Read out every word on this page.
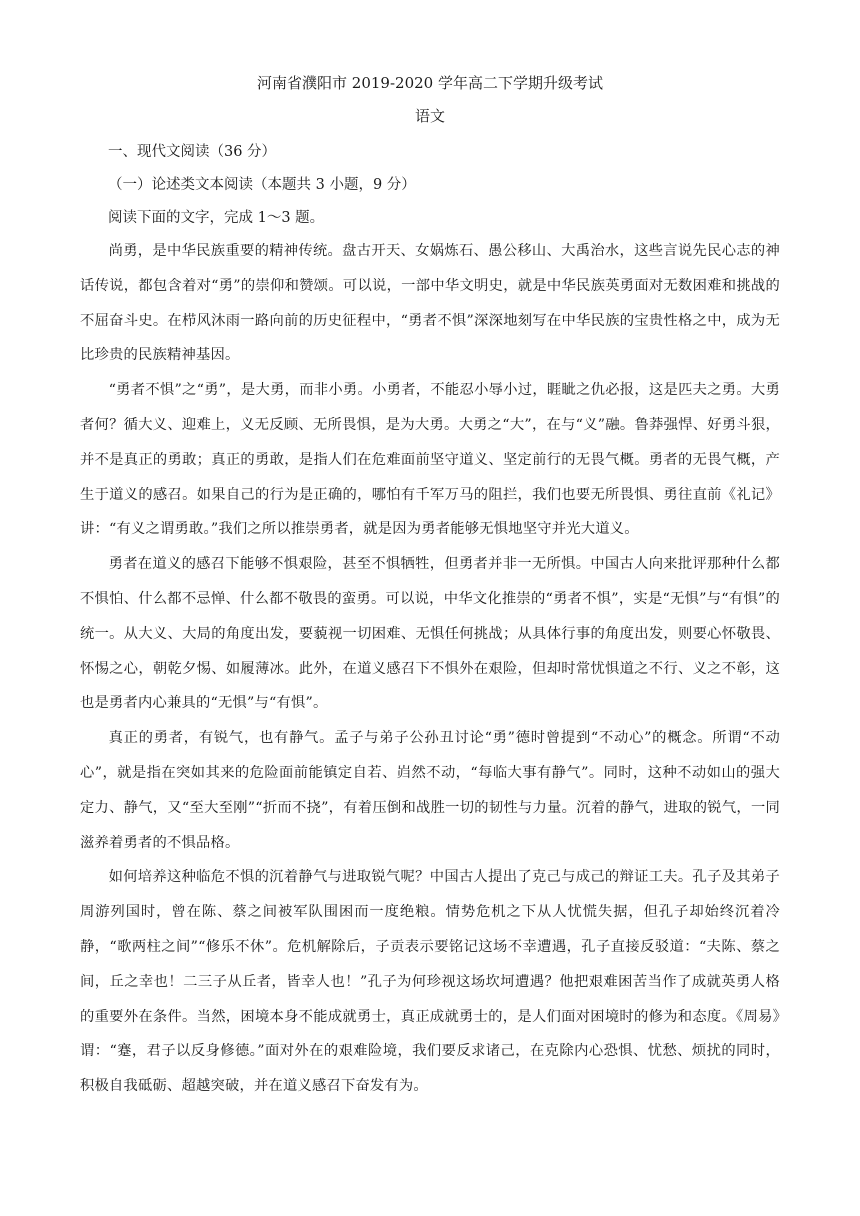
河南省濮阳市 2019-2020 学年高二下学期升级考试
语文
一、现代文阅读（36 分）
（一）论述类文本阅读（本题共 3 小题，9 分）
阅读下面的文字，完成 1～3 题。

尚勇，是中华民族重要的精神传统。盘古开天、女娲炼石、愚公移山、大禹治水，这些言说先民心志的神话传说，都包含着对“勇”的崇仰和赞颂。可以说，一部中华文明史，就是中华民族英勇面对无数困难和挑战的不屈奋斗史。在栉风沐雨一路向前的历史征程中，“勇者不惧”深深地刻写在中华民族的宝贵性格之中，成为无比珍贵的民族精神基因。

“勇者不惧”之“勇”，是大勇，而非小勇。小勇者，不能忍小辱小过，睚眦之仇必报，这是匹夫之勇。大勇者何？循大义、迎难上，义无反顾、无所畏惧，是为大勇。大勇之“大”，在与“义”融。鲁莽强悍、好勇斗狠，并不是真正的勇敢；真正的勇敢，是指人们在危难面前坚守道义、坚定前行的无畏气概。勇者的无畏气概，产生于道义的感召。如果自己的行为是正确的，哪怕有千军万马的阻拦，我们也要无所畏惧、勇往直前《礼记》讲：“有义之谓勇敢。”我们之所以推崇勇者，就是因为勇者能够无惧地坚守并光大道义。

勇者在道义的感召下能够不惧艰险，甚至不惧牺牲，但勇者并非一无所惧。中国古人向来批评那种什么都不惧怕、什么都不忌惮、什么都不敬畏的蛮勇。可以说，中华文化推崇的“勇者不惧”，实是“无惧”与“有惧”的统一。从大义、大局的角度出发，要藐视一切困难、无惧任何挑战；从具体行事的角度出发，则要心怀敬畏、怀惕之心，朝乾夕惕、如履薄冰。此外，在道义感召下不惧外在艰险，但却时常忧惧道之不行、义之不彰，这也是勇者内心兼具的“无惧”与“有惧”。

真正的勇者，有锐气，也有静气。孟子与弟子公孙丑讨论“勇”德时曾提到“不动心”的概念。所谓“不动心”，就是指在突如其来的危险面前能镇定自若、岿然不动，“每临大事有静气”。同时，这种不动如山的强大定力、静气，又“至大至刚”“折而不挠”，有着压倒和战胜一切的韧性与力量。沉着的静气，进取的锐气，一同滋养着勇者的不惧品格。

如何培养这种临危不惧的沉着静气与进取锐气呢？中国古人提出了克己与成己的辩证工夫。孔子及其弟子周游列国时，曾在陈、蔡之间被军队围困而一度绝粮。情势危机之下从人忧慌失据，但孔子却始终沉着冷静，“歌两柱之间”“修乐不休”。危机解除后，子贡表示要铭记这场不幸遭遇，孔子直接反驳道：“夫陈、蔡之间，丘之幸也！二三子从丘者，皆幸人也！”孔子为何珍视这场坎坷遭遇？他把艰难困苦当作了成就英勇人格的重要外在条件。当然，困境本身不能成就勇士，真正成就勇士的，是人们面对困境时的修为和态度。《周易》谓：“蹇，君子以反身修德。”面对外在的艰难险境，我们要反求诸己，在克除内心恐惧、忧愁、烦扰的同时，积极自我砥砺、超越突破，并在道义感召下奋发有为。
